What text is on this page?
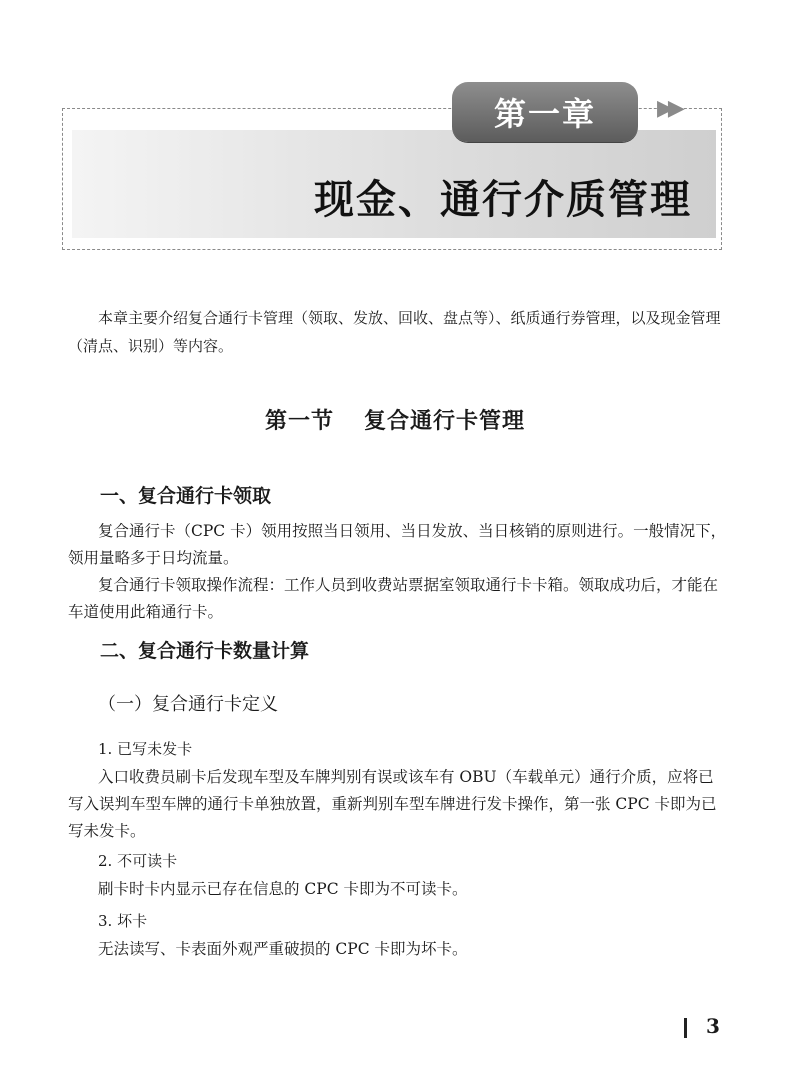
第一章	▶▶
现金、通行介质管理
本章主要介绍复合通行卡管理（领取、发放、回收、盘点等）、纸质通行券管理，以及现金管理（清点、识别）等内容。
第一节 复合通行卡管理
一、复合通行卡领取
复合通行卡（CPC 卡）领用按照当日领用、当日发放、当日核销的原则进行。一般情况下，领用量略多于日均流量。
复合通行卡领取操作流程：工作人员到收费站票据室领取通行卡卡箱。领取成功后，才能在车道使用此箱通行卡。
二、复合通行卡数量计算
（一）复合通行卡定义
1. 已写未发卡
入口收费员刷卡后发现车型及车牌判别有误或该车有 OBU（车载单元）通行介质，应将已写入误判车型车牌的通行卡单独放置，重新判别车型车牌进行发卡操作，第一张 CPC 卡即为已写未发卡。
2. 不可读卡
刷卡时卡内显示已存在信息的 CPC 卡即为不可读卡。
3. 坏卡
无法读写、卡表面外观严重破损的 CPC 卡即为坏卡。
3
